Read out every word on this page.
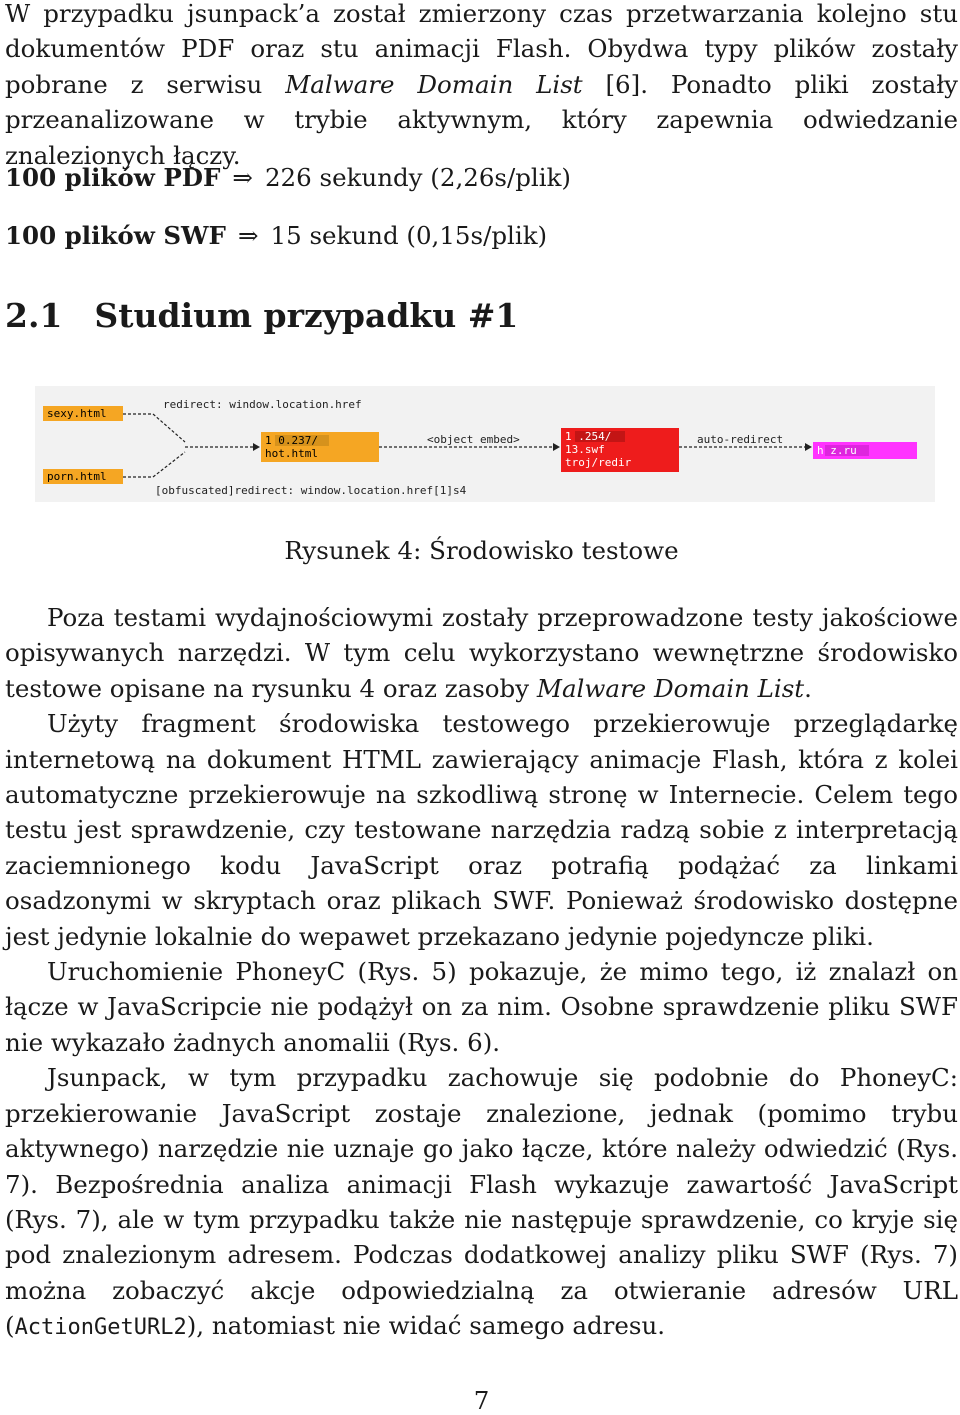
W przypadku jsunpack’a został zmierzony czas przetwarzania kolejno stu dokumentów PDF oraz stu animacji Flash. Obydwa typy plików zostały pobrane z serwisu Malware Domain List [6]. Ponadto pliki zostały przeanalizowane w trybie aktywnym, który zapewnia odwiedzanie znalezionych łączy.

100 plików PDF ⇒ 226 sekundy (2,26s/plik)
100 plików SWF ⇒ 15 sekund (0,15s/plik)
2.1 Studium przypadku #1
sexy.html
porn.html
redirect: window.location.href
[obfuscated]redirect: window.location.href[1]s4
1 0.237/
hot.html
<object embed>	1 .254/
13.swf
troj/redir
auto-redirect
h z.ru
Rysunek 4: Środowisko testowe

Poza testami wydajnościowymi zostały przeprowadzone testy jakościowe opisywanych narzędzi. W tym celu wykorzystano wewnętrzne środowisko testowe opisane na rysunku 4 oraz zasoby Malware Domain List.

Użyty fragment środowiska testowego przekierowuje przeglądarkę internetową na dokument HTML zawierający animacje Flash, która z kolei automatyczne przekierowuje na szkodliwą stronę w Internecie. Celem tego testu jest sprawdzenie, czy testowane narzędzia radzą sobie z interpretacją zaciemnionego kodu JavaScript oraz potrafią podążać za linkami osadzonymi w skryptach oraz plikach SWF. Ponieważ środowisko dostępne jest jedynie lokalnie do wepawet przekazano jedynie pojedyncze pliki.

Uruchomienie PhoneyC (Rys. 5) pokazuje, że mimo tego, iż znalazł on łącze w JavaScripcie nie podążył on za nim. Osobne sprawdzenie pliku SWF nie wykazało żadnych anomalii (Rys. 6).

Jsunpack, w tym przypadku zachowuje się podobnie do PhoneyC: przekierowanie JavaScript zostaje znalezione, jednak (pomimo trybu aktywnego) narzędzie nie uznaje go jako łącze, które należy odwiedzić (Rys. 7). Bezpośrednia analiza animacji Flash wykazuje zawartość JavaScript (Rys. 7), ale w tym przypadku także nie następuje sprawdzenie, co kryje się pod znalezionym adresem. Podczas dodatkowej analizy pliku SWF (Rys. 7) można zobaczyć akcje odpowiedzialną za otwieranie adresów URL (ActionGetURL2), natomiast nie widać samego adresu.

7
